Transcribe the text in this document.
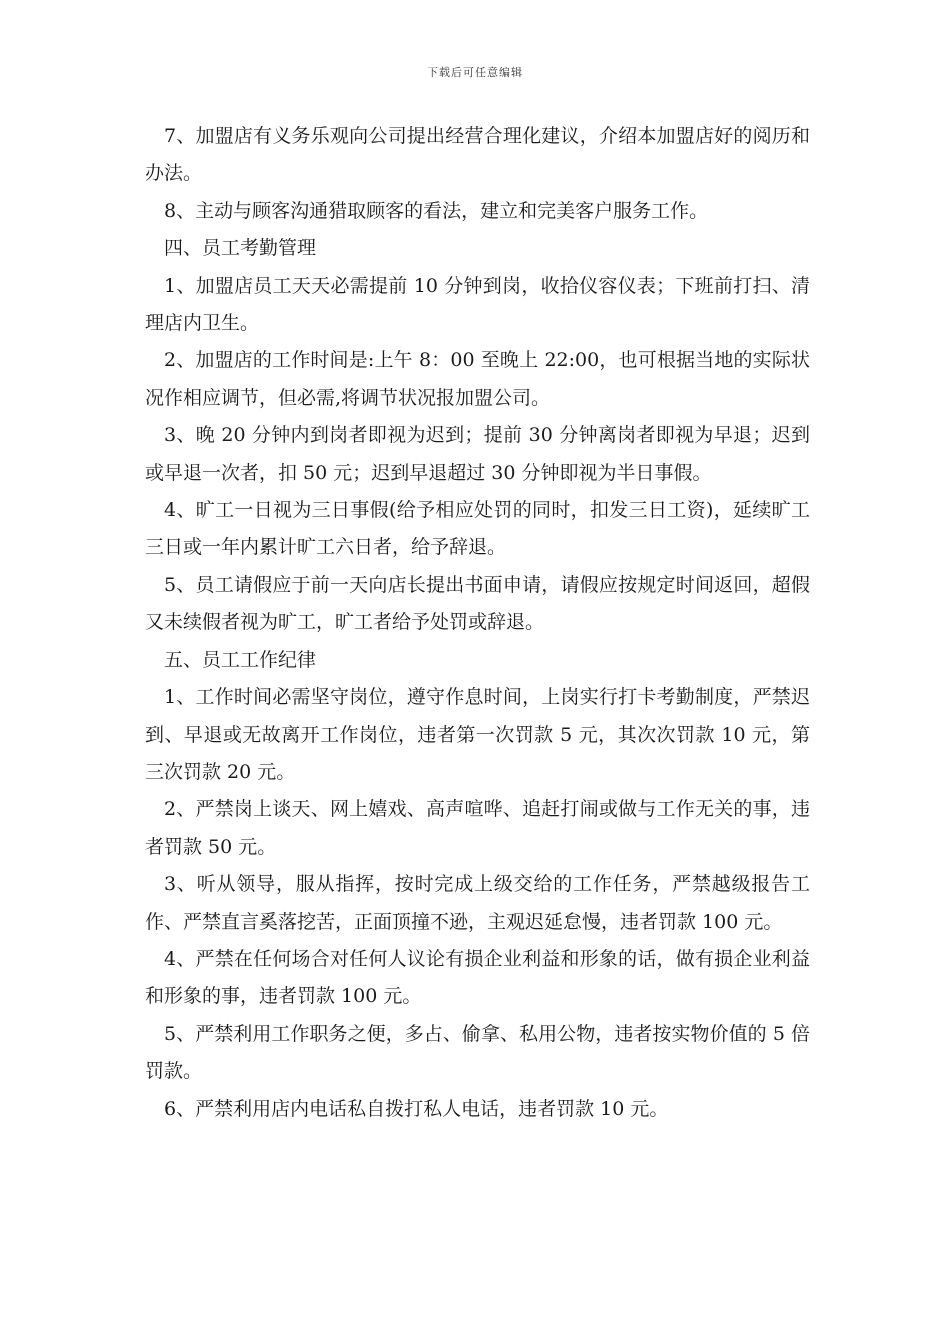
下载后可任意编辑

7、加盟店有义务乐观向公司提出经营合理化建议，介绍本加盟店好的阅历和办法。

8、主动与顾客沟通猎取顾客的看法，建立和完美客户服务工作。

四、员工考勤管理

1、加盟店员工天天必需提前 10 分钟到岗，收拾仪容仪表；下班前打扫、清理店内卫生。

2、加盟店的工作时间是:上午 8：00 至晚上 22:00，也可根据当地的实际状况作相应调节，但必需,将调节状况报加盟公司。

3、晚 20 分钟内到岗者即视为迟到；提前 30 分钟离岗者即视为早退；迟到或早退一次者，扣 50 元；迟到早退超过 30 分钟即视为半日事假。

4、旷工一日视为三日事假(给予相应处罚的同时，扣发三日工资)，延续旷工三日或一年内累计旷工六日者，给予辞退。

5、员工请假应于前一天向店长提出书面申请，请假应按规定时间返回，超假又未续假者视为旷工，旷工者给予处罚或辞退。

五、员工工作纪律

1、工作时间必需坚守岗位，遵守作息时间，上岗实行打卡考勤制度，严禁迟到、早退或无故离开工作岗位，违者第一次罚款 5 元，其次次罚款 10 元，第三次罚款 20 元。

2、严禁岗上谈天、网上嬉戏、高声喧哗、追赶打闹或做与工作无关的事，违者罚款 50 元。

3、听从领导，服从指挥，按时完成上级交给的工作任务，严禁越级报告工作、严禁直言奚落挖苦，正面顶撞不逊，主观迟延怠慢，违者罚款 100 元。

4、严禁在任何场合对任何人议论有损企业利益和形象的话，做有损企业利益和形象的事，违者罚款 100 元。

5、严禁利用工作职务之便，多占、偷拿、私用公物，违者按实物价值的 5 倍罚款。

6、严禁利用店内电话私自拨打私人电话，违者罚款 10 元。
